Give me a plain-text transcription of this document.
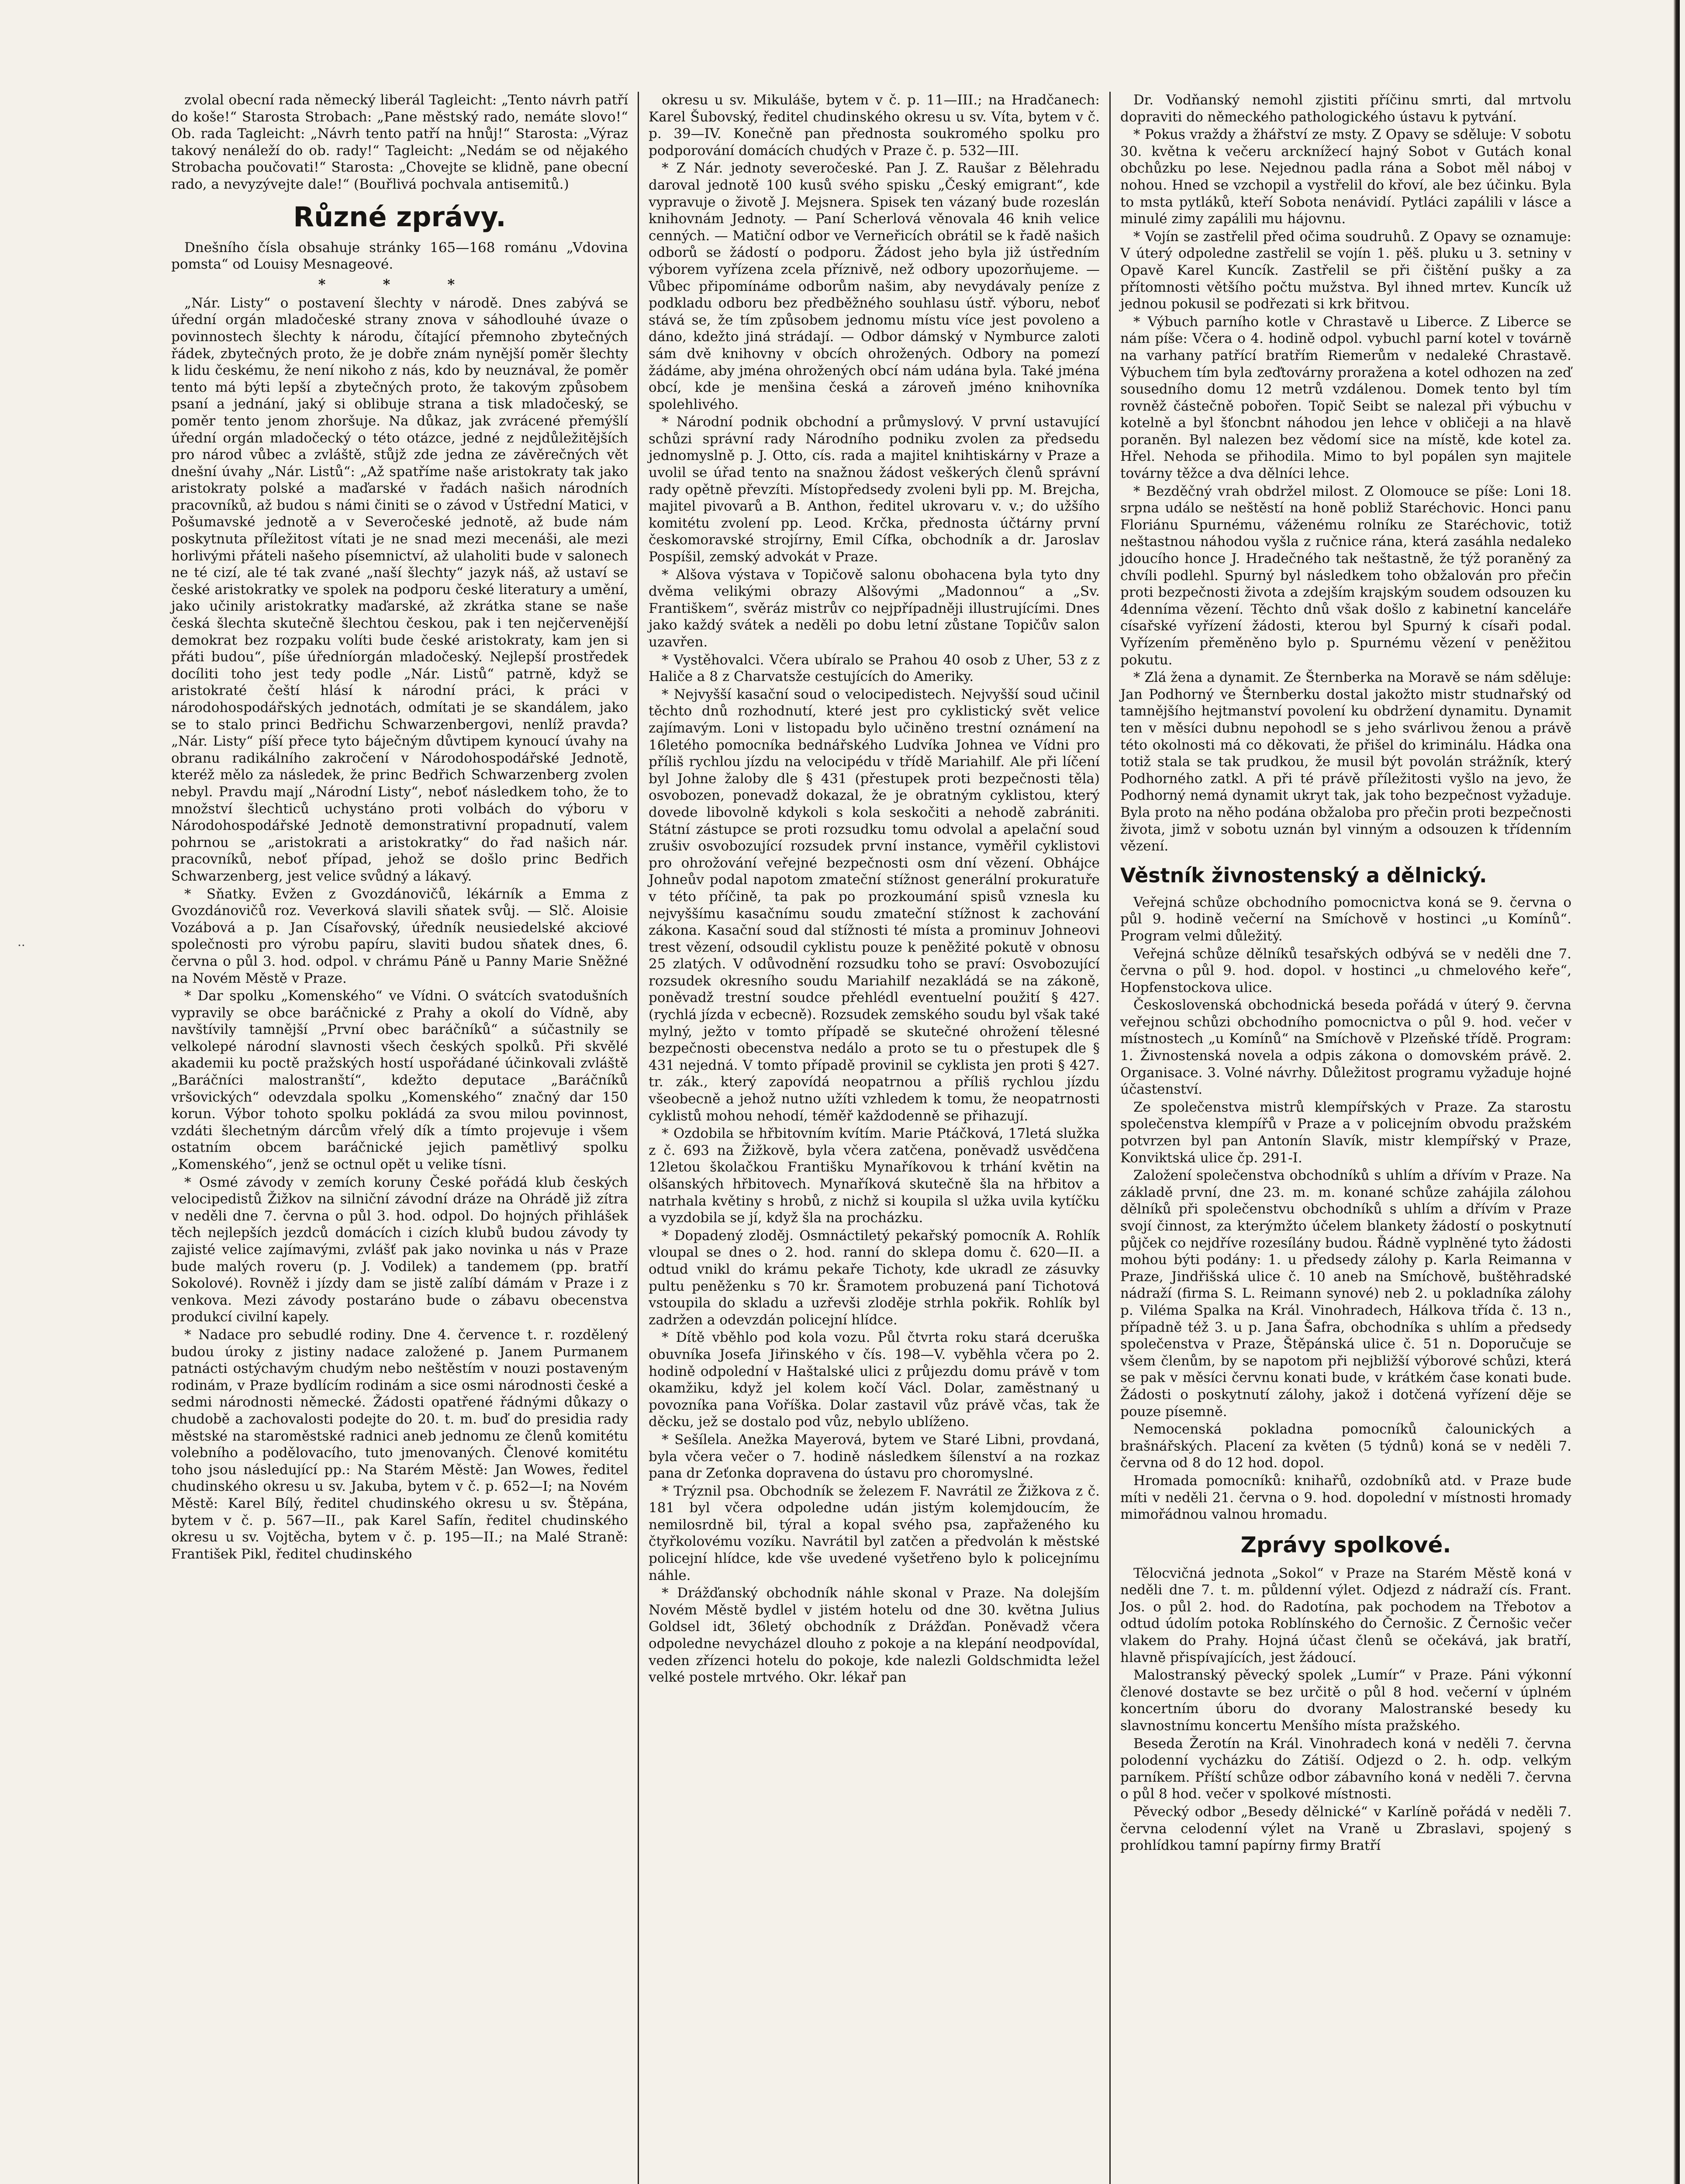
··

zvolal obecní rada německý liberál Tagleicht: „Tento návrh patří do koše!“ Starosta Strobach: „Pane městský rado, nemáte slovo!“ Ob. rada Tagleicht: „Návrh tento patří na hnůj!“ Starosta: „Výraz takový nenáleží do ob. rady!“ Tagleicht: „Nedám se od nějakého Strobacha poučovati!“ Starosta: „Chovejte se klidně, pane obecní rado, a nevyzývejte dale!“ (Bouřlivá pochvala antisemitů.)

Různé zprávy.

Dnešního čísla obsahuje stránky 165—168 románu „Vdovina pomsta“ od Louisy Mesnageové.

* * *

„Nár. Listy“ o postavení šlechty v národě. Dnes zabývá se úřední orgán mladočeské strany znova v sáhodlouhé úvaze o povinnostech šlechty k národu, čítající přemnoho zbytečných řádek, zbytečných proto, že je dobře znám nynější poměr šlechty k lidu českému, že není nikoho z nás, kdo by neuznával, že poměr tento má býti lepší a zbytečných proto, že takovým způsobem psaní a jednání, jaký si oblibuje strana a tisk mladočeský, se poměr tento jenom zhoršuje. Na důkaz, jak zvrácené přemýšlí úřední orgán mladočecký o této otázce, jedné z nejdůležitějších pro národ vůbec a zvláště, stůjž zde jedna ze závěrečných vět dnešní úvahy „Nár. Listů“: „Až spatříme naše aristokraty tak jako aristokraty polské a maďarské v řadách našich národních pracovníků, až budou s námi činiti se o závod v Ústřední Matici, v Pošumavské jednotě a v Severočeské jednotě, až bude nám poskytnuta příležitost vítati je ne snad mezi mecenáši, ale mezi horlivými přáteli našeho písemnictví, až ulaholiti bude v salonech ne té cizí, ale té tak zvané „naší šlechty“ jazyk náš, až ustaví se české aristokratky ve spolek na podporu české literatury a umění, jako učinily aristokratky maďarské, až zkrátka stane se naše česká šlechta skutečně šlechtou českou, pak i ten nejčervenější demokrat bez rozpaku volíti bude české aristokraty, kam jen si přáti budou“, píše úředníorgán mladočeský. Nejlepší prostředek docíliti toho jest tedy podle „Nár. Listů“ patrně, když se aristokraté čeští hlásí k národní práci, k práci v národohospodářských jednotách, odmítati je se skandálem, jako se to stalo princi Bedřichu Schwarzenbergovi, nenlíž pravda? „Nár. Listy“ píší přece tyto báječným důvtipem kynoucí úvahy na obranu radikálního zakročení v Národohospodářské Jednotě, kteréž mělo za následek, že princ Bedřich Schwarzenberg zvolen nebyl. Pravdu mají „Národní Listy“, neboť následkem toho, že to množství šlechticů uchystáno proti volbách do výboru v Národohospodářské Jednotě demonstrativní propadnutí, valem pohrnou se „aristokrati a aristokratky“ do řad našich nár. pracovníků, neboť případ, jehož se došlo princ Bedřich Schwarzenberg, jest velice svůdný a lákavý.

* Sňatky. Evžen z Gvozdánovičů, lékárník a Emma z Gvozdánovičů roz. Veverková slavili sňatek svůj. — Slč. Aloisie Vozábová a p. Jan Císařovský, úředník neusiedelské akciové společnosti pro výrobu papíru, slaviti budou sňatek dnes, 6. června o půl 3. hod. odpol. v chrámu Páně u Panny Marie Sněžné na Novém Městě v Praze.

* Dar spolku „Komenského“ ve Vídni. O svátcích svatodušních vypravily se obce baráčnické z Prahy a okolí do Vídně, aby navštívily tamnější „První obec baráčníků“ a súčastnily se velkolepé národní slavnosti všech českých spolků. Při skvělé akademii ku poctě pražských hostí uspořádané účinkovali zvláště „Baráčníci malostranští“, kdežto deputace „Baráčníků vršovických“ odevzdala spolku „Komenského“ značný dar 150 korun. Výbor tohoto spolku pokládá za svou milou povinnost, vzdáti šlechetným dárcům vřelý dík a tímto projevuje i všem ostatním obcem baráčnické jejich pamětlivý spolku „Komenského“, jenž se octnul opět u velike tísni.

* Osmé závody v zemích koruny České pořádá klub českých velocipedistů Žižkov na silniční závodní dráze na Ohrádě již zítra v neděli dne 7. června o půl 3. hod. odpol. Do hojných přihlášek těch nejlepších jezdců domácích i cizích klubů budou závody ty zajisté velice zajímavými, zvlášť pak jako novinka u nás v Praze bude malých roveru (p. J. Vodilek) a tandemem (pp. bratří Sokolové). Rovněž i jízdy dam se jistě zalíbí dámám v Praze i z venkova. Mezi závody postaráno bude o zábavu obecenstva produkcí civilní kapely.

* Nadace pro sebudlé rodiny. Dne 4. července t. r. rozdělený budou úroky z jistiny nadace založené p. Janem Purmanem patnácti ostýchavým chudým nebo neštěstím v nouzi postaveným rodinám, v Praze bydlícím rodinám a sice osmi národnosti české a sedmi národnosti německé. Žádosti opatřené řádnými důkazy o chudobě a zachovalosti podejte do 20. t. m. buď do presidia rady městské na staroměstské radnici aneb jednomu ze členů komitétu volebního a podělovacího, tuto jmenovaných. Členové komitétu toho jsou následující pp.: Na Starém Městě: Jan Wowes, ředitel chudinského okresu u sv. Jakuba, bytem v č. p. 652—I; na Novém Městě: Karel Bílý, ředitel chudinského okresu u sv. Štěpána, bytem v č. p. 567—II., pak Karel Safín, ředitel chudinského okresu u sv. Vojtěcha, bytem v č. p. 195—II.; na Malé Straně: František Pikl, ředitel chudinského

okresu u sv. Mikuláše, bytem v č. p. 11—III.; na Hradčanech: Karel Šubovský, ředitel chudinského okresu u sv. Víta, bytem v č. p. 39—IV. Konečně pan přednosta soukromého spolku pro podporování domácích chudých v Praze č. p. 532—III.

* Z Nár. jednoty severočeské. Pan J. Z. Raušar z Bělehradu daroval jednotě 100 kusů svého spisku „Český emigrant“, kde vypravuje o životě J. Mejsnera. Spisek ten vázaný bude rozeslán knihovnám Jednoty. — Paní Scherlová věnovala 46 knih velice cenných. — Matiční odbor ve Verneřicích obrátil se k řadě našich odborů se žádostí o podporu. Žádost jeho byla již ústředním výborem vyřízena zcela příznivě, než odbory upozorňujeme. — Vůbec připomínáme odborům našim, aby nevydávaly peníze z podkladu odboru bez předběžného souhlasu ústř. výboru, neboť stává se, že tím způsobem jednomu místu více jest povoleno a dáno, kdežto jiná strádají. — Odbor dámský v Nymburce zaloti sám dvě knihovny v obcích ohrožených. Odbory na pomezí žádáme, aby jména ohrožených obcí nám udána byla. Také jména obcí, kde je menšina česká a zároveň jméno knihovníka spolehlivého.

* Národní podnik obchodní a průmyslový. V první ustavující schůzi správní rady Národního podniku zvolen za předsedu jednomyslně p. J. Otto, cís. rada a majitel knihtiskárny v Praze a uvolil se úřad tento na snažnou žádost veškerých členů správní rady opětně převzíti. Místopředsedy zvoleni byli pp. M. Brejcha, majitel pivovarů a B. Anthon, ředitel ukrovaru v. v.; do užšího komitétu zvolení pp. Leod. Krčka, přednosta účtárny první českomoravské strojírny, Emil Cífka, obchodník a dr. Jaroslav Pospíšil, zemský advokát v Praze.

* Alšova výstava v Topičově salonu obohacena byla tyto dny dvěma velikými obrazy Alšovými „Madonnou“ a „Sv. Františkem“, svěráz mistrův co nejpřípadněji illustrujícími. Dnes jako každý svátek a neděli po dobu letní zůstane Topičův salon uzavřen.

* Vystěhovalci. Včera ubíralo se Prahou 40 osob z Uher, 53 z z Haliče a 8 z Charvatsže cestujících do Ameriky.

* Nejvyšší kasační soud o velocipedistech. Nejvyšší soud učinil těchto dnů rozhodnutí, které jest pro cyklistický svět velice zajímavým. Loni v listopadu bylo učiněno trestní oznámení na 16letého pomocníka bednářského Ludvíka Johnea ve Vídni pro příliš rychlou jízdu na velocipédu v třídě Mariahilf. Ale při líčení byl Johne žaloby dle § 431 (přestupek proti bezpečnosti těla) osvobozen, ponevadž dokazal, že je obratným cyklistou, který dovede libovolně kdykoli s kola seskočiti a nehodě zabrániti. Státní zástupce se proti rozsudku tomu odvolal a apelační soud zrušiv osvobozující rozsudek první instance, vyměřil cyklistovi pro ohrožování veřejné bezpečnosti osm dní vězení. Obhájce Johneův podal napotom zmateční stížnost generální prokuratuře v této příčině, ta pak po prozkoumání spisů vznesla ku nejvyššímu kasačnímu soudu zmateční stížnost k zachování zákona. Kasační soud dal stížnosti té místa a prominuv Johneovi trest vězení, odsoudil cyklistu pouze k peněžité pokutě v obnosu 25 zlatých. V odůvodnění rozsudku toho se praví: Osvobozující rozsudek okresního soudu Mariahilf nezakládá se na zákoně, poněvadž trestní soudce přehlédl eventuelní použití § 427. (rychlá jízda v ecbecně). Rozsudek zemského soudu byl však také mylný, ježto v tomto případě se skutečné ohrožení tělesné bezpečnosti obecenstva nedálo a proto se tu o přestupek dle § 431 nejedná. V tomto případě provinil se cyklista jen proti § 427. tr. zák., který zapovídá neopatrnou a příliš rychlou jízdu všeobecně a jehož nutno užíti vzhledem k tomu, že neopatrnosti cyklistů mohou nehodí, téměř každodenně se přihazují.

* Ozdobila se hřbitovním kvítím. Marie Ptáčková, 17letá služka z č. 693 na Žižkově, byla včera zatčena, poněvadž usvědčena 12letou školačkou Františku Mynaříkovou k trhání květin na olšanských hřbitovech. Mynaříková skutečně šla na hřbitov a natrhala květiny s hrobů, z nichž si koupila sl užka uvila kytíčku a vyzdobila se jí, když šla na procházku.

* Dopadený zloděj. Osmnáctiletý pekařský pomocník A. Rohlík vloupal se dnes o 2. hod. ranní do sklepa domu č. 620—II. a odtud vnikl do krámu pekaře Tichoty, kde ukradl ze zásuvky pultu peněženku s 70 kr. Šramotem probuzená paní Tichotová vstoupila do skladu a uzřevši zloděje strhla pokřik. Rohlík byl zadržen a odevzdán policejní hlídce.

* Dítě vběhlo pod kola vozu. Půl čtvrta roku stará dceruška obuvníka Josefa Jiřinského v čís. 198—V. vyběhla včera po 2. hodině odpolední v Haštalské ulici z průjezdu domu právě v tom okamžiku, když jel kolem kočí Václ. Dolar, zaměstnaný u povozníka pana Voříška. Dolar zastavil vůz právě včas, tak že děcku, jež se dostalo pod vůz, nebylo ublíženo.

* Sešílela. Anežka Mayerová, bytem ve Staré Libni, provdaná, byla včera večer o 7. hodině následkem šílenství a na rozkaz pana dr Zeťonka dopravena do ústavu pro choromyslné.

* Trýznil psa. Obchodník se železem F. Navrátil ze Žižkova z č. 181 byl včera odpoledne udán jistým kolemjdoucím, že nemilosrdně bil, týral a kopal svého psa, zapřaženého ku čtyřkolovému vozíku. Navrátil byl zatčen a předvolán k městské policejní hlídce, kde vše uvedené vyšetřeno bylo k policejnímu náhle.

* Drážďanský obchodník náhle skonal v Praze. Na dolejším Novém Městě bydlel v jistém hotelu od dne 30. května Julius Goldsel idt, 36letý obchodník z Drážďan. Poněvadž včera odpoledne nevycházel dlouho z pokoje a na klepání neodpovídal, veden zřízenci hotelu do pokoje, kde nalezli Goldschmidta ležel velké postele mrtvého. Okr. lékař pan

Dr. Vodňanský nemohl zjistiti příčinu smrti, dal mrtvolu dopraviti do německého pathologického ústavu k pytvání.

* Pokus vraždy a žhářství ze msty. Z Opavy se sděluje: V sobotu 30. května k večeru arcknížecí hajný Sobot v Gutách konal obchůzku po lese. Nejednou padla rána a Sobot měl náboj v nohou. Hned se vzchopil a vystřelil do křoví, ale bez účinku. Byla to msta pytláků, kteří Sobota nenávidí. Pytláci zapálili v lásce a minulé zimy zapálili mu hájovnu.

* Vojín se zastřelil před očima soudruhů. Z Opavy se oznamuje: V úterý odpoledne zastřelil se vojín 1. pěš. pluku u 3. setniny v Opavě Karel Kuncík. Zastřelil se při čištění pušky a za přítomnosti většího počtu mužstva. Byl ihned mrtev. Kuncík už jednou pokusil se podřezati si krk břitvou.

* Výbuch parního kotle v Chrastavě u Liberce. Z Liberce se nám píše: Včera o 4. hodině odpol. vybuchl parní kotel v továrně na varhany patřící bratřím Riemerům v nedaleké Chrastavě. Výbuchem tím byla zeďtovárny proražena a kotel odhozen na zeď sousedního domu 12 metrů vzdálenou. Domek tento byl tím rovněž částečně pobořen. Topič Seibt se nalezal při výbuchu v kotelně a byl šťoncbnt náhodou jen lehce v obličeji a na hlavě poraněn. Byl nalezen bez vědomí sice na místě, kde kotel za. Hřel. Nehoda se přihodila. Mimo to byl popálen syn majitele továrny těžce a dva dělníci lehce.

* Bezděčný vrah obdržel milost. Z Olomouce se píše: Loni 18. srpna událo se neštěstí na honě pobliž Staréchovic. Honci panu Floriánu Spurnému, váženému rolníku ze Staréchovic, totiž neštastnou náhodou vyšla z ručnice rána, která zasáhla nedaleko jdoucího honce J. Hradečného tak neštastně, že týž poraněný za chvíli podlehl. Spurný byl následkem toho obžalován pro přečin proti bezpečnosti života a zdejším krajským soudem odsouzen ku 4denníma vězení. Těchto dnů však došlo z kabinetní kanceláře císařské vyřízení žádosti, kterou byl Spurný k císaři podal. Vyřízením přeměněno bylo p. Spurnému vězení v peněžitou pokutu.

* Zlá žena a dynamit. Ze Šternberka na Moravě se nám sděluje: Jan Podhorný ve Šternberku dostal jakožto mistr studnařský od tamnějšího hejtmanství povolení ku obdržení dynamitu. Dynamit ten v měsíci dubnu nepohodl se s jeho svárlivou ženou a právě této okolnosti má co děkovati, že přišel do kriminálu. Hádka ona totiž stala se tak prudkou, že musil být povolán strážník, který Podhorného zatkl. A při té právě příležitosti vyšlo na jevo, že Podhorný nemá dynamit ukryt tak, jak toho bezpečnost vyžaduje. Byla proto na něho podána obžaloba pro přečin proti bezpečnosti života, jimž v sobotu uznán byl vinným a odsouzen k třídenním vězení.

Věstník živnostenský a dělnický.

Veřejná schůze obchodního pomocnictva koná se 9. června o půl 9. hodině večerní na Smíchově v hostinci „u Komínů“. Program velmi důležitý.

Veřejná schůze dělníků tesařských odbývá se v neděli dne 7. června o půl 9. hod. dopol. v hostinci „u chmelového keře“, Hopfenstockova ulice.

Československá obchodnická beseda pořádá v úterý 9. června veřejnou schůzi obchodního pomocnictva o půl 9. hod. večer v místnostech „u Komínů“ na Smíchově v Plzeňské třídě. Program: 1. Živnostenská novela a odpis zákona o domovském právě. 2. Organisace. 3. Volné návrhy. Důležitost programu vyžaduje hojné účastenství.

Ze společenstva mistrů klempířských v Praze. Za starostu společenstva klempířů v Praze a v policejním obvodu pražském potvrzen byl pan Antonín Slavík, mistr klempířský v Praze, Konviktská ulice čp. 291-I.

Založení společenstva obchodníků s uhlím a dřívím v Praze. Na základě první, dne 23. m. m. konané schůze zahájila zálohou dělníků při společenstvu obchodníků s uhlím a dřívím v Praze svojí činnost, za kterýmžto účelem blankety žádostí o poskytnutí půjček co nejdříve rozesílány budou. Řádně vyplněné tyto žádosti mohou býti podány: 1. u předsedy zálohy p. Karla Reimanna v Praze, Jindřišská ulice č. 10 aneb na Smíchově, buštěhradské nádraží (firma S. L. Reimann synové) neb 2. u pokladníka zálohy p. Viléma Spalka na Král. Vinohradech, Hálkova třída č. 13 n., případně též 3. u p. Jana Šafra, obchodníka s uhlím a předsedy společenstva v Praze, Štěpánská ulice č. 51 n. Doporučuje se všem členům, by se napotom při nejbližší výborové schůzi, která se pak v měsíci červnu konati bude, v krátkém čase konati bude. Žádosti o poskytnutí zálohy, jakož i dotčená vyřízení děje se pouze písemně.

Nemocenská pokladna pomocníků čalounických a brašnářských. Placení za květen (5 týdnů) koná se v neděli 7. června od 8 do 12 hod. dopol.

Hromada pomocníků: knihařů, ozdobníků atd. v Praze bude míti v neděli 21. června o 9. hod. dopolední v místnosti hromady mimořádnou valnou hromadu.

Zprávy spolkové.

Tělocvičná jednota „Sokol“ v Praze na Starém Městě koná v neděli dne 7. t. m. půldenní výlet. Odjezd z nádraží cís. Frant. Jos. o půl 2. hod. do Radotína, pak pochodem na Třebotov a odtud údolím potoka Roblínského do Černošic. Z Černošic večer vlakem do Prahy. Hojná účast členů se očekává, jak bratří, hlavně přispívajících, jest žádoucí.

Malostranský pěvecký spolek „Lumír“ v Praze. Páni výkonní členové dostavte se bez určitě o půl 8 hod. večerní v úplném koncertním úboru do dvorany Malostranské besedy ku slavnostnímu koncertu Menšího místa pražského.

Beseda Žerotín na Král. Vinohradech koná v neděli 7. června polodenní vycházku do Zátiší. Odjezd o 2. h. odp. velkým parníkem. Příští schůze odbor zábavního koná v neděli 7. června o půl 8 hod. večer v spolkové místnosti.

Pěvecký odbor „Besedy dělnické“ v Karlíně pořádá v neděli 7. června celodenní výlet na Vraně u Zbraslavi, spojený s prohlídkou tamní papírny firmy Bratří
